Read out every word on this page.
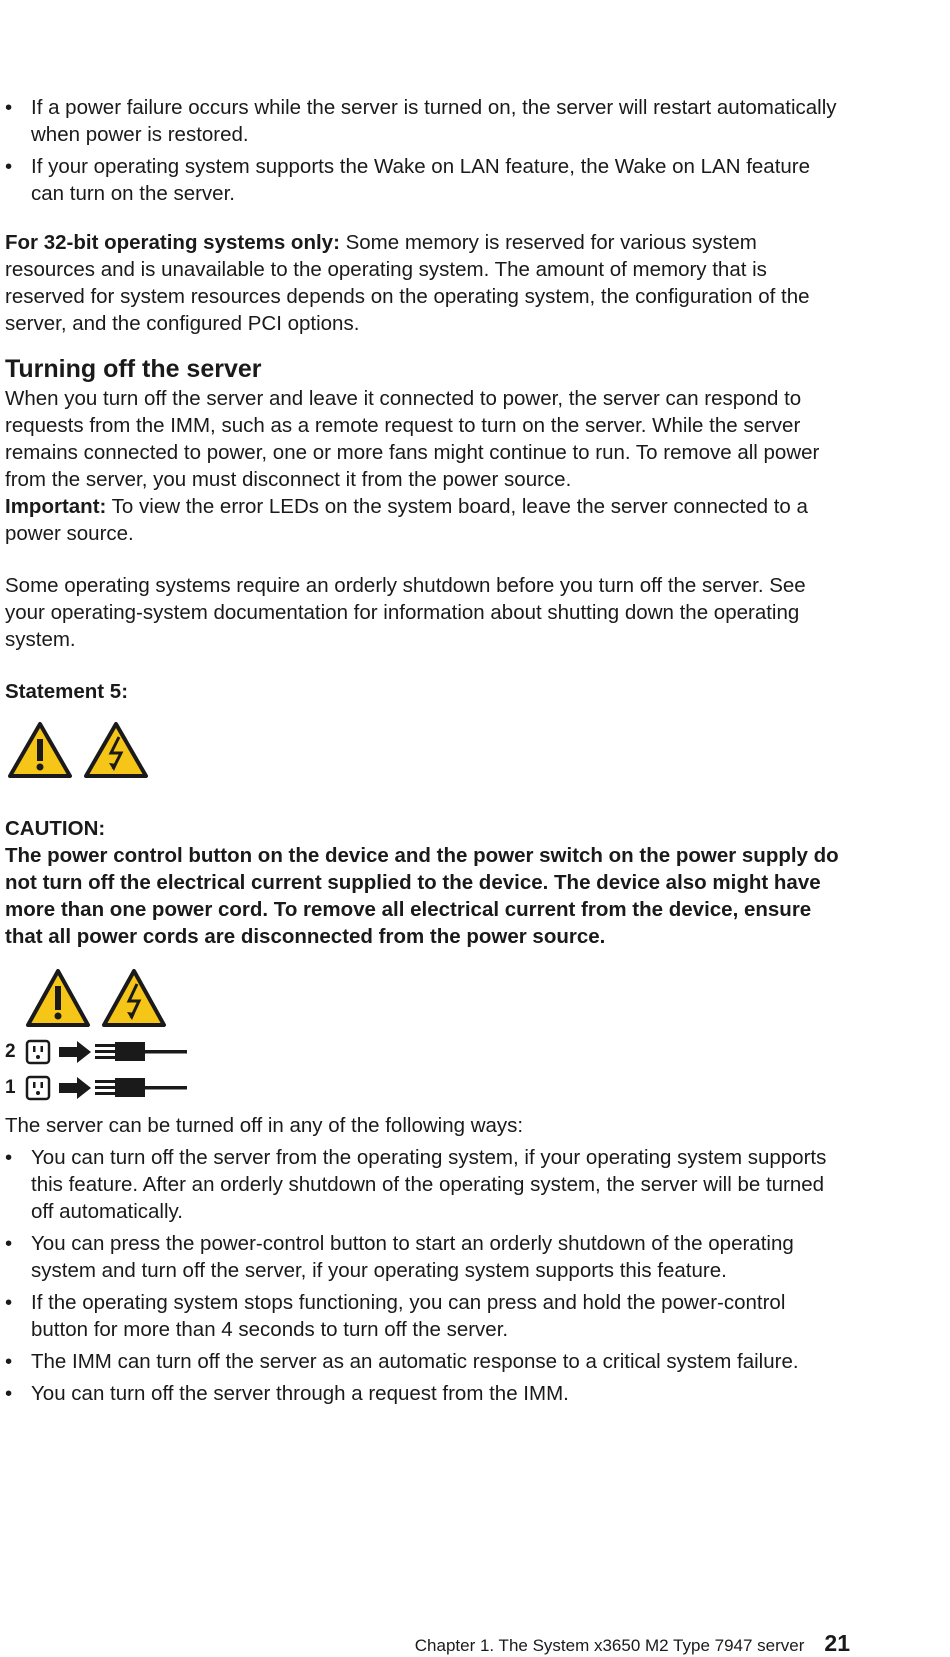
• If a power failure occurs while the server is turned on, the server will restart automatically when power is restored.
• If your operating system supports the Wake on LAN feature, the Wake on LAN feature can turn on the server.

For 32-bit operating systems only: Some memory is reserved for various system resources and is unavailable to the operating system. The amount of memory that is reserved for system resources depends on the operating system, the configuration of the server, and the configured PCI options.

Turning off the server

When you turn off the server and leave it connected to power, the server can respond to requests from the IMM, such as a remote request to turn on the server. While the server remains connected to power, one or more fans might continue to run. To remove all power from the server, you must disconnect it from the power source.

Important: To view the error LEDs on the system board, leave the server connected to a power source.

Some operating systems require an orderly shutdown before you turn off the server. See your operating-system documentation for information about shutting down the operating system.

Statement 5:

CAUTION:

The power control button on the device and the power switch on the power supply do not turn off the electrical current supplied to the device. The device also might have more than one power cord. To remove all electrical current from the device, ensure that all power cords are disconnected from the power source.

2
1

The server can be turned off in any of the following ways:

• You can turn off the server from the operating system, if your operating system supports this feature. After an orderly shutdown of the operating system, the server will be turned off automatically.
• You can press the power-control button to start an orderly shutdown of the operating system and turn off the server, if your operating system supports this feature.
• If the operating system stops functioning, you can press and hold the power-control button for more than 4 seconds to turn off the server.
• The IMM can turn off the server as an automatic response to a critical system failure.
• You can turn off the server through a request from the IMM.
Chapter 1. The System x3650 M2 Type 7947 server 21
